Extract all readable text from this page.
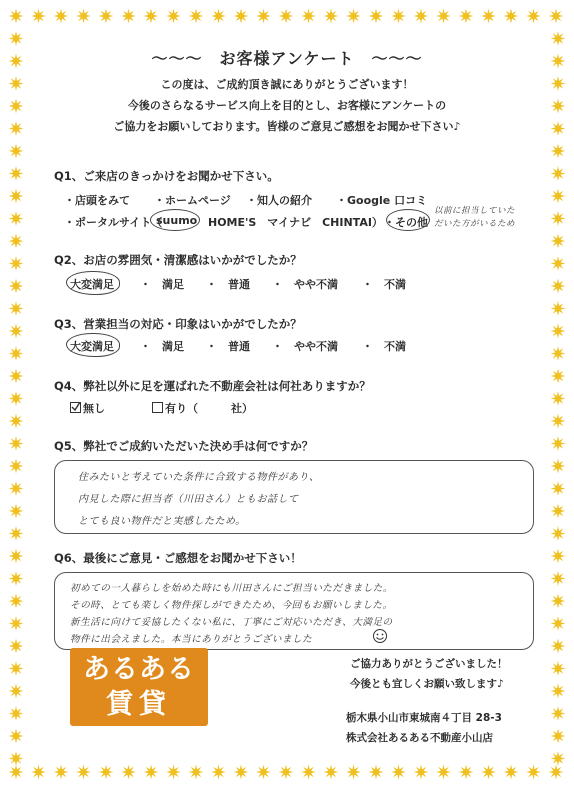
〜〜〜　お客様アンケート　〜〜〜
この度は、ご成約頂き誠にありがとうございます！
今後のさらなるサービス向上を目的とし、お客様にアンケートの
ご協力をお願いしております。皆様のご意見ご感想をお聞かせ下さい♪
Q1、ご来店のきっかけをお聞かせ下さい。
・店頭をみて ・ホームページ ・知人の紹介 ・Google 口コミ
・ポータルサイト（
suumo HOME'S　マイナビ　CHINTAI） ・その他
以前に担当していた
だいた方がいるため
Q2、お店の雰囲気・清潔感はいかがでしたか？
大変満足 ・　満足 ・　普通 ・　やや不満 ・　不満
Q3、営業担当の対応・印象はいかがでしたか？
大変満足 ・　満足 ・　普通 ・　やや不満 ・　不満
Q4、弊社以外に足を運ばれた不動産会社は何社ありますか？
無し	有り（　　　社）
Q5、弊社でご成約いただいた決め手は何ですか？
住みたいと考えていた条件に合致する物件があり、
内見した際に担当者（川田さん）ともお話して
とても良い物件だと実感したため。
Q6、最後にご意見・ご感想をお聞かせ下さい！
初めての一人暮らしを始めた時にも川田さんにご担当いただきました。
その時、とても楽しく物件探しができたため、今回もお願いしました。
新生活に向けて妥協したくない私に、丁寧にご対応いただき、大満足の
物件に出会えました。本当にありがとうございました
あるある
賃貸
ご協力ありがとうございました！
今後とも宜しくお願い致します♪
栃木県小山市東城南４丁目 28-3
株式会社あるある不動産小山店
